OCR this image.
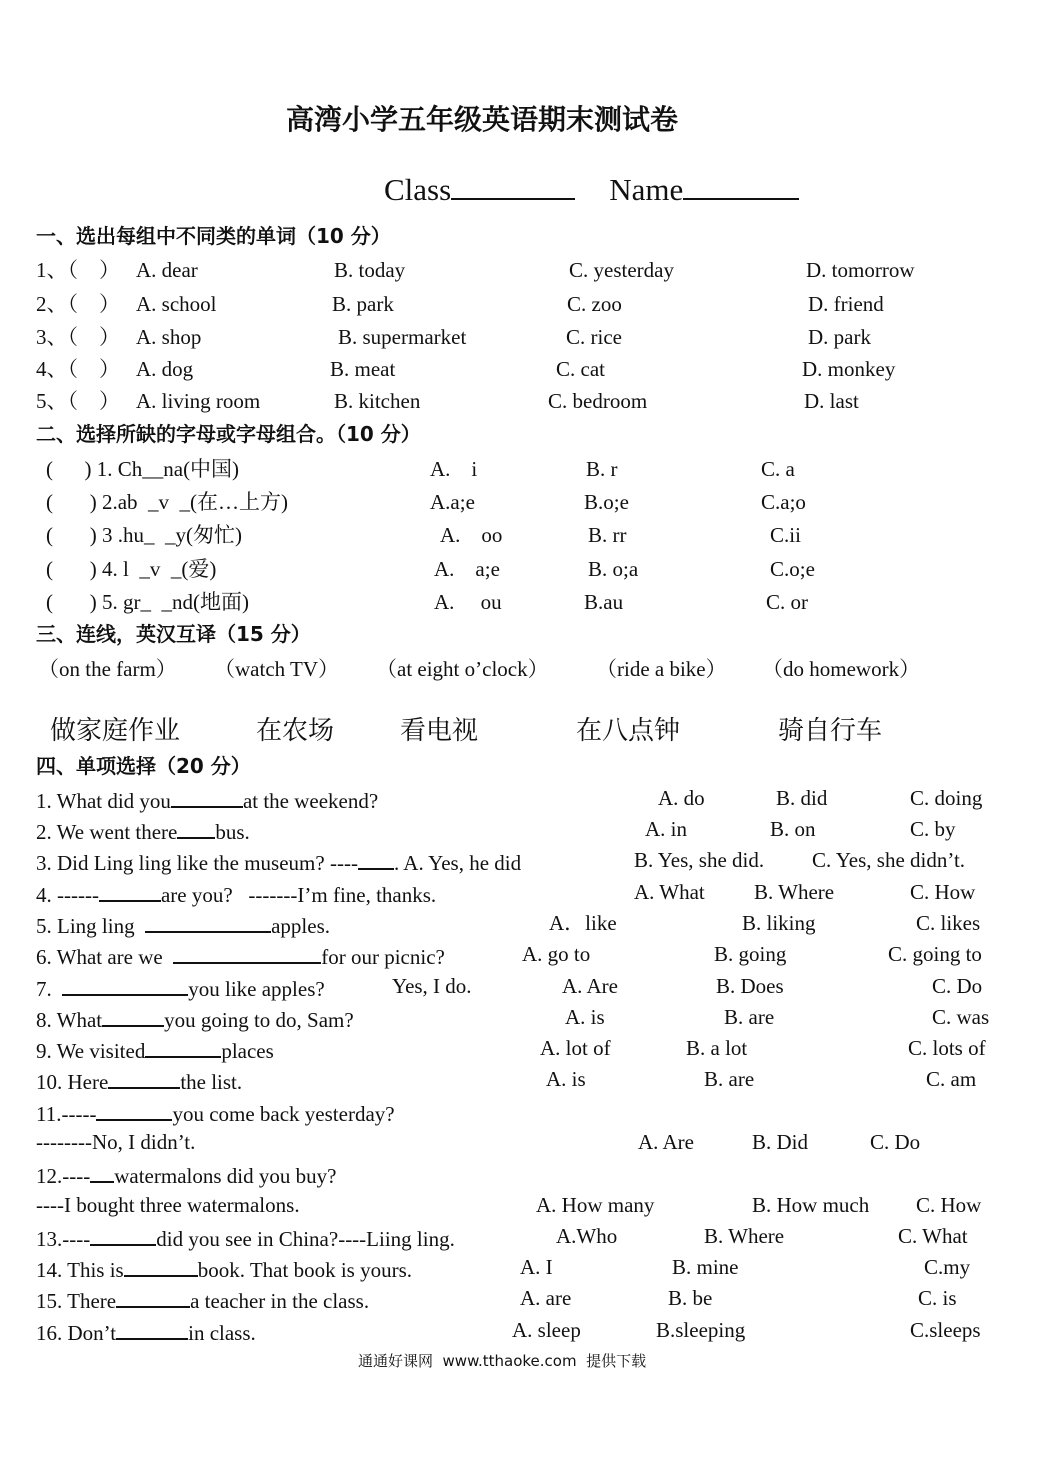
高湾小学五年级英语期末测试卷
Class	Name
一、选出每组中不同类的单词（10 分）
1、（    ） A. dear	B. today	C. yesterday	D. tomorrow
2、（    ） A. school	B. park	C. zoo	D. friend
3、（    ） A. shop	B. supermarket	C. rice	D. park
4、（    ） A. dog	B. meat	C. cat	D. monkey
5、（    ） A. living room	B. kitchen	C. bedroom	D. last
二、选择所缺的字母或字母组合。（10 分）
(      ) 1. Ch__na(中国)	A.    i	B. r	C. a
(       ) 2.ab  _v  _(在…上方)	A.a;e	B.o;e	C.a;o
(       ) 3 .hu_  _y(匆忙)	A.    oo	B. rr	C.ii
(       ) 4. l  _v  _(爱)	A.    a;e	B. o;a	C.o;e
(       ) 5. gr_  _nd(地面)	A.     ou	B.au	C. or
三、连线，英汉互译（15 分）
（on the farm） （watch TV） （at eight o’clock） （ride a bike） （do homework）
做家庭作业	在农场	看电视	在八点钟	骑自行车
四、单项选择（20 分）
1. What did you	at the weekend?	A. do	B. did	C. doing
2. We went there bus.	A. in	B. on	C. by
3. Did Ling ling like the museum? ---- . A. Yes, he did	B. Yes, she did. C. Yes, she didn’t.
4. ------	are you?   -------I’m fine, thanks.	A. What B. Where	C. How
5. Ling ling	apples.	A．like	B. liking	C. likes
6. What are we	for our picnic?	A. go to	B. going	C. going to
7.	you like apples?	Yes, I do.	A. Are	B. Does	C. Do
8. What	you going to do, Sam?	A. is	B. are	C. was
9. We visited	places	A. lot of	B. a lot	C. lots of
10. Here	the list.	A. is	B. are	C. am
11.-----	you come back yesterday?
--------No, I didn’t.	A. Are	B. Did	C. Do
12.---- watermalons did you buy?
----I bought three watermalons.	A. How many	B. How much C. How
13.----	did you see in China?----Liing ling.	A.Who	B. Where	C. What
14. This is	book. That book is yours.	A. I	B. mine	C.my
15. There	a teacher in the class.	A. are	B. be	C. is
16. Don’t	in class.	A. sleep	B.sleeping	C.sleeps
通通好课网  www.tthaoke.com  提供下载
